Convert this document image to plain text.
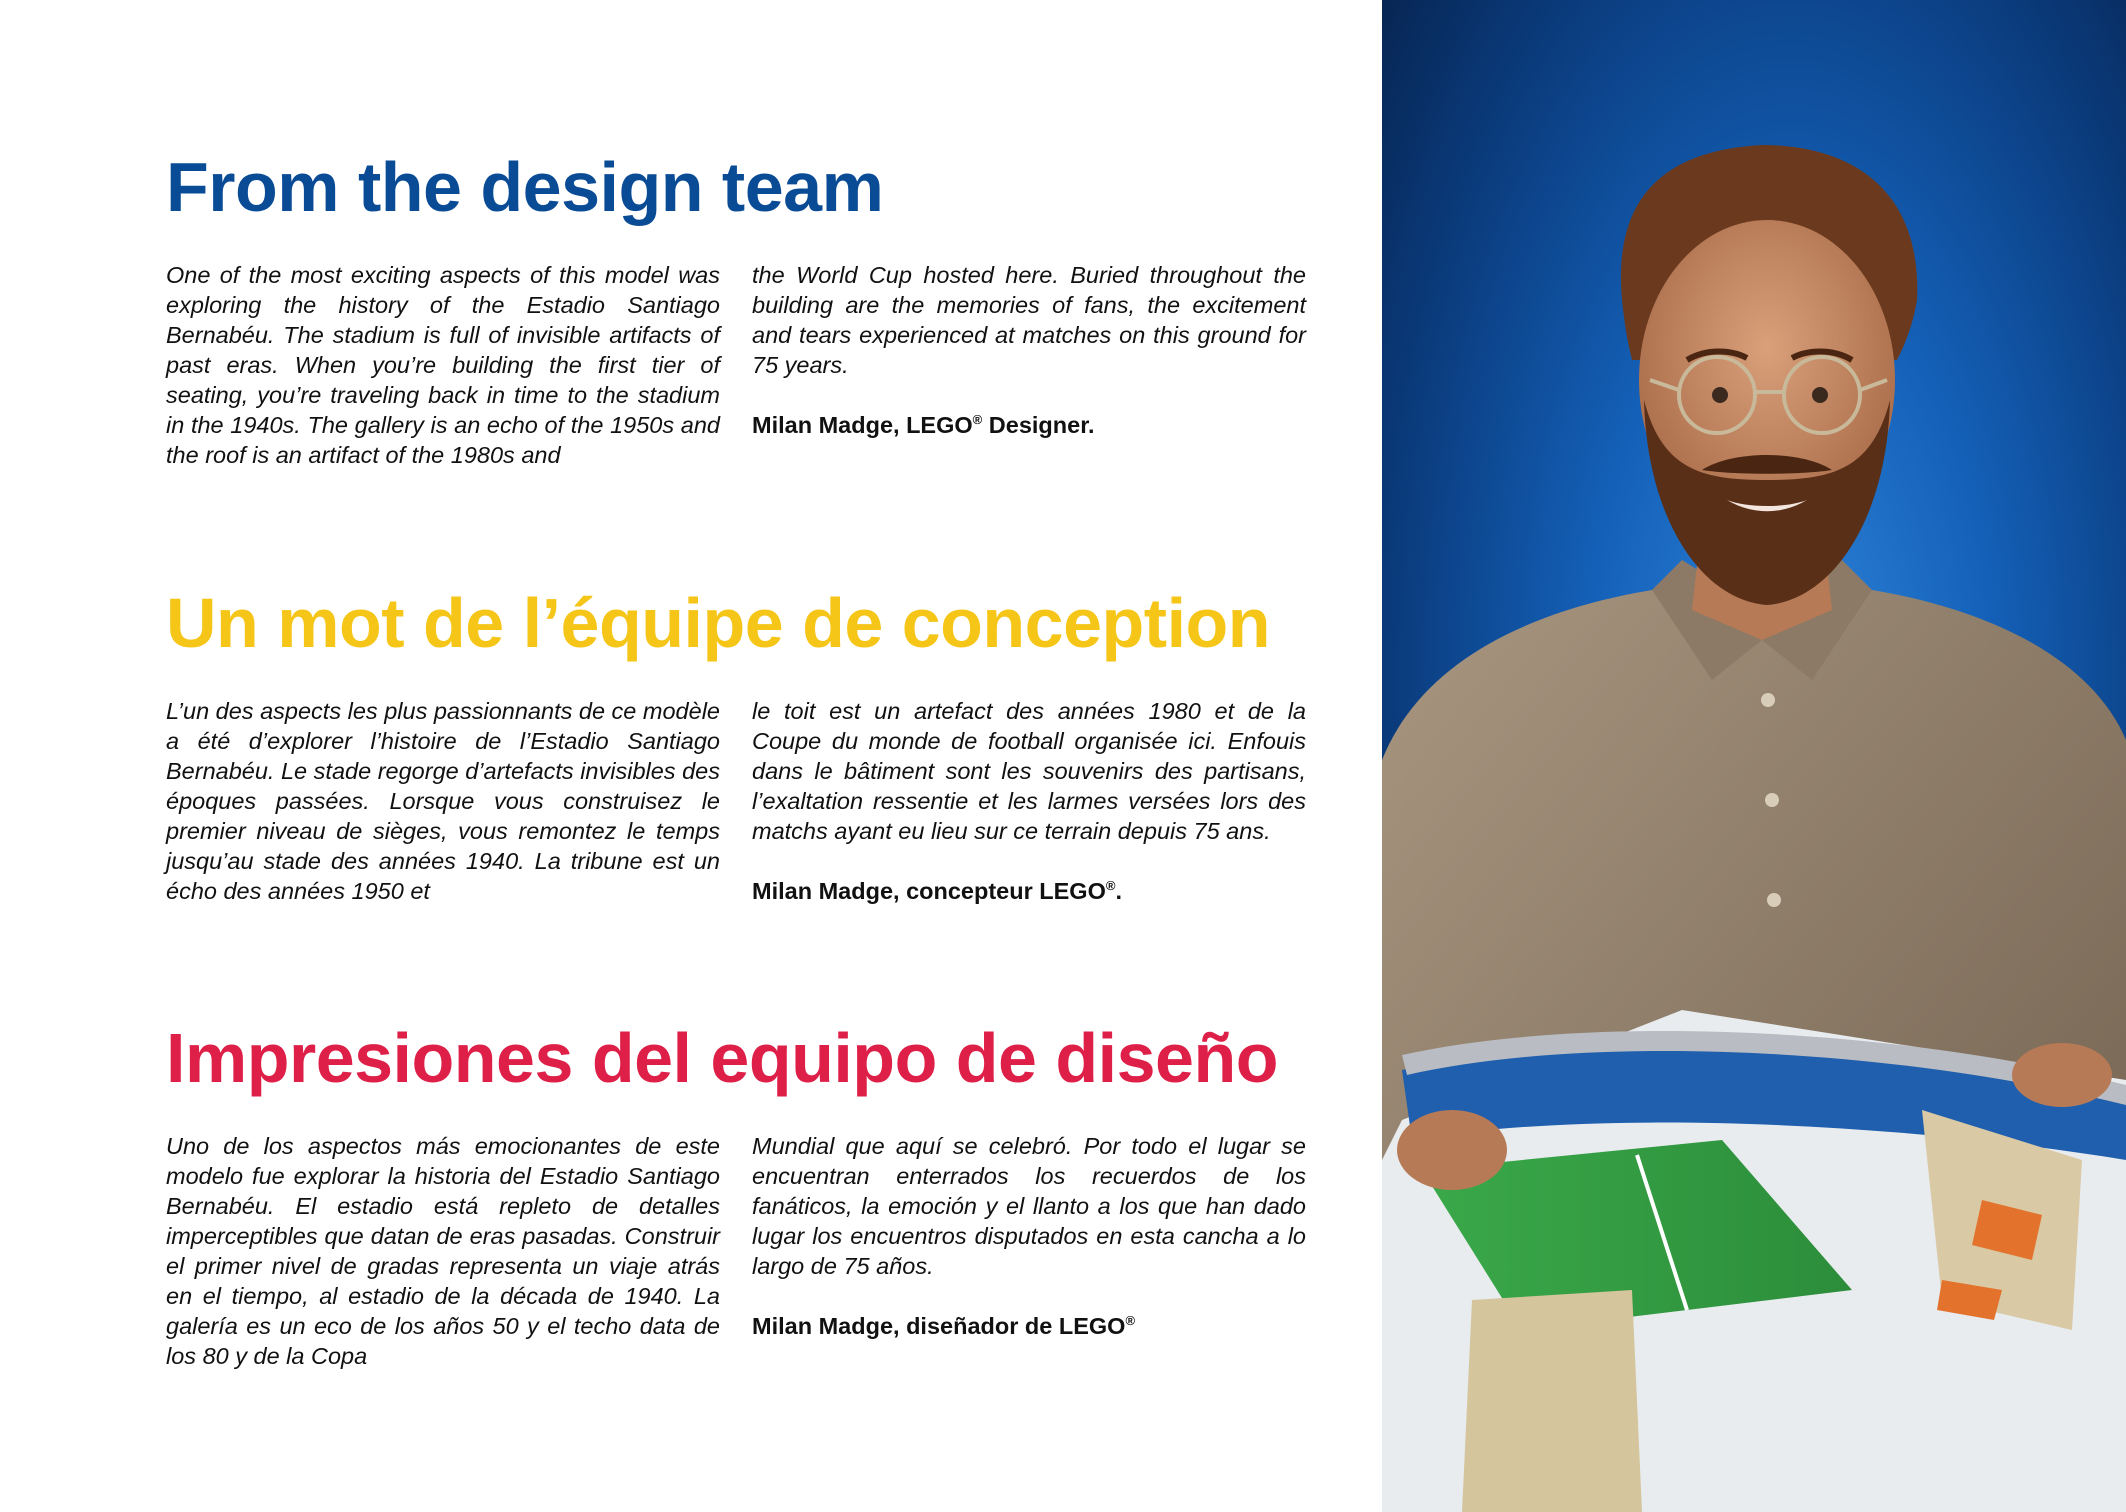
From the design team

One of the most exciting aspects of this model was exploring the history of the Estadio Santiago Bernabéu. The stadium is full of invisible artifacts of past eras. When you’re building the first tier of seating, you’re traveling back in time to the stadium in the 1940s. The gallery is an echo of the 1950s and the roof is an artifact of the 1980s and

the World Cup hosted here. Buried throughout the building are the memories of fans, the excitement and tears experienced at matches on this ground for 75 years.

Milan Madge, LEGO® Designer.

Un mot de l’équipe de conception

L’un des aspects les plus passionnants de ce modèle a été d’explorer l’histoire de l’Estadio Santiago Bernabéu. Le stade regorge d’artefacts invisibles des époques passées. Lorsque vous construisez le premier niveau de sièges, vous remontez le temps jusqu’au stade des années 1940. La tribune est un écho des années 1950 et

le toit est un artefact des années 1980 et de la Coupe du monde de football organisée ici. Enfouis dans le bâtiment sont les souvenirs des partisans, l’exaltation ressentie et les larmes versées lors des matchs ayant eu lieu sur ce terrain depuis 75 ans.

Milan Madge, concepteur LEGO®.

Impresiones del equipo de diseño

Uno de los aspectos más emocionantes de este modelo fue explorar la historia del Estadio Santiago Bernabéu. El estadio está repleto de detalles imperceptibles que datan de eras pasadas. Construir el primer nivel de gradas representa un viaje atrás en el tiempo, al estadio de la década de 1940. La galería es un eco de los años 50 y el techo data de los 80 y de la Copa

Mundial que aquí se celebró. Por todo el lugar se encuentran enterrados los recuerdos de los fanáticos, la emoción y el llanto a los que han dado lugar los encuentros disputados en esta cancha a lo largo de 75 años.

Milan Madge, diseñador de LEGO®
